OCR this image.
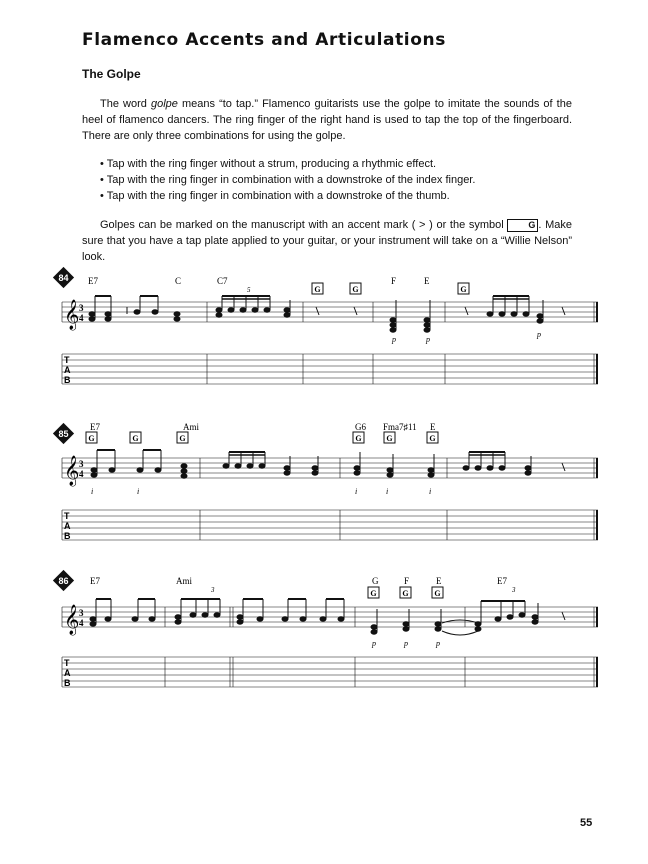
Flamenco Accents and Articulations
The Golpe

The word golpe means “to tap.” Flamenco guitarists use the golpe to imitate the sounds of the heel of flamenco dancers. The ring finger of the right hand is used to tap the top of the fingerboard. There are only three combinations for using the golpe.

• Tap with the ring finger without a strum, producing a rhythmic effect.
• Tap with the ring finger in combination with a downstroke of the index finger.
• Tap with the ring finger in combination with a downstroke of the thumb.

Golpes can be marked on the manuscript with an accent mark ( > ) or the symbol	G . Make sure that you have a tap plate applied to your guitar, or your instrument will take on a “Willie Nelson” look.

84 E7	C	C7	F	E
5	G	G	G
𝄞 3
4
p	p
p
T
A
B
85
E7	Ami	G6 Fma7♯11 E
G	G	G	G	G	G
𝄞 3
4
i	i	i	i	i
T
A
B
86 E7	Ami	G	F	E	E7
3	3
G	G	G
𝄞 3
4
p	p	p
T
A
B
55
